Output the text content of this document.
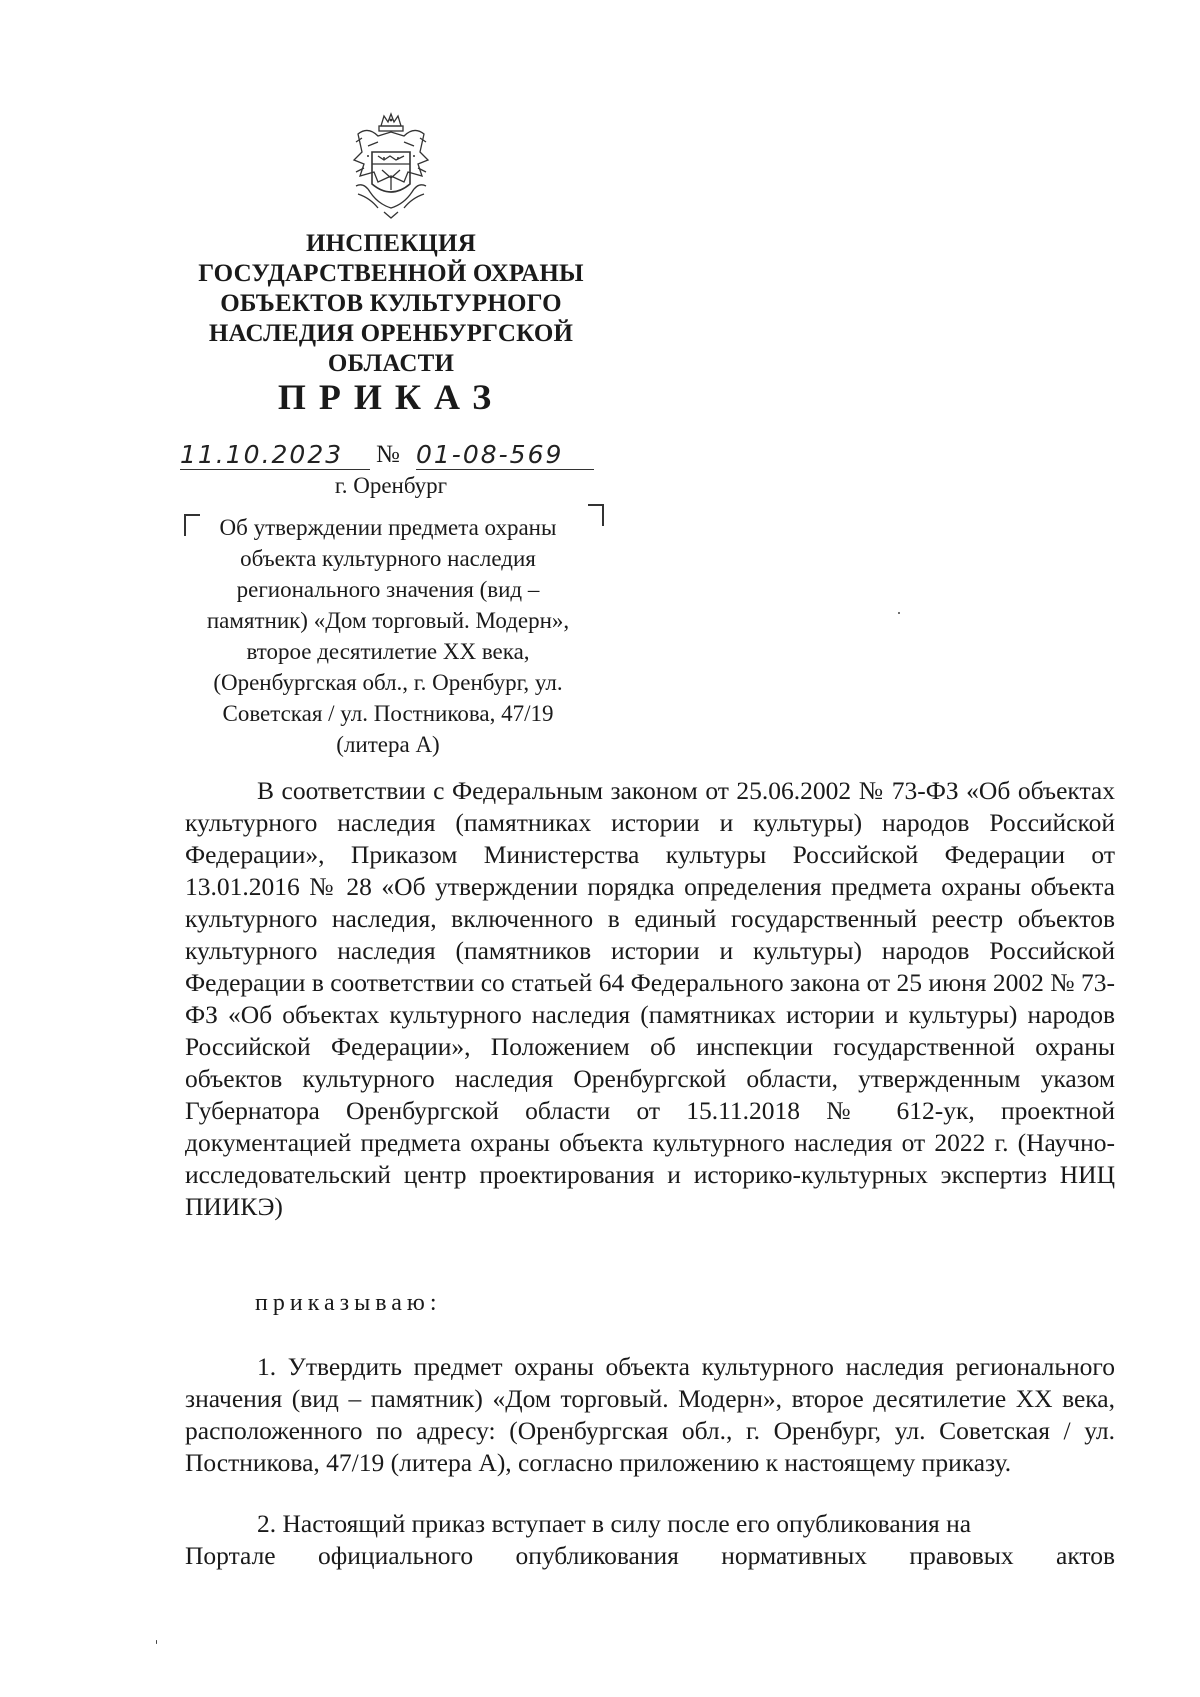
ИНСПЕКЦИЯ
ГОСУДАРСТВЕННОЙ ОХРАНЫ
ОБЪЕКТОВ КУЛЬТУРНОГО
НАСЛЕДИЯ ОРЕНБУРГСКОЙ
ОБЛАСТИ
ПРИКАЗ
11.10.2023	№ 01-08-569
г. Оренбург
Об утверждении предмета охраны
объекта культурного наследия
регионального значения (вид –
памятник) «Дом торговый. Модерн»,
второе десятилетие XX века,
(Оренбургская обл., г. Оренбург, ул.
Советская / ул. Постникова, 47/19
(литера А)
В соответствии с Федеральным законом от 25.06.2002 № 73-ФЗ «Об объектах культурного наследия (памятниках истории и культуры) народов Российской Федерации», Приказом Министерства культуры Российской Федерации от 13.01.2016 № 28 «Об утверждении порядка определения предмета охраны объекта культурного наследия, включенного в единый государственный реестр объектов культурного наследия (памятников истории и культуры) народов Российской Федерации в соответствии со статьей 64 Федерального закона от 25 июня 2002 № 73-ФЗ «Об объектах культурного наследия (памятниках истории и культуры) народов Российской Федерации», Положением об инспекции государственной охраны объектов культурного наследия Оренбургской области, утвержденным указом Губернатора Оренбургской области от 15.11.2018 № 612-ук, проектной документацией предмета охраны объекта культурного наследия от 2022 г. (Научно-исследовательский центр проектирования и историко-культурных экспертиз НИЦ ПИИКЭ)
приказываю:
1. Утвердить предмет охраны объекта культурного наследия регионального значения (вид – памятник) «Дом торговый. Модерн», второе десятилетие XX века, расположенного по адресу: (Оренбургская обл., г. Оренбург, ул. Советская / ул. Постникова, 47/19 (литера А), согласно приложению к настоящему приказу.
2. Настоящий приказ вступает в силу после его опубликования на
Портале официального опубликования нормативных правовых актов
